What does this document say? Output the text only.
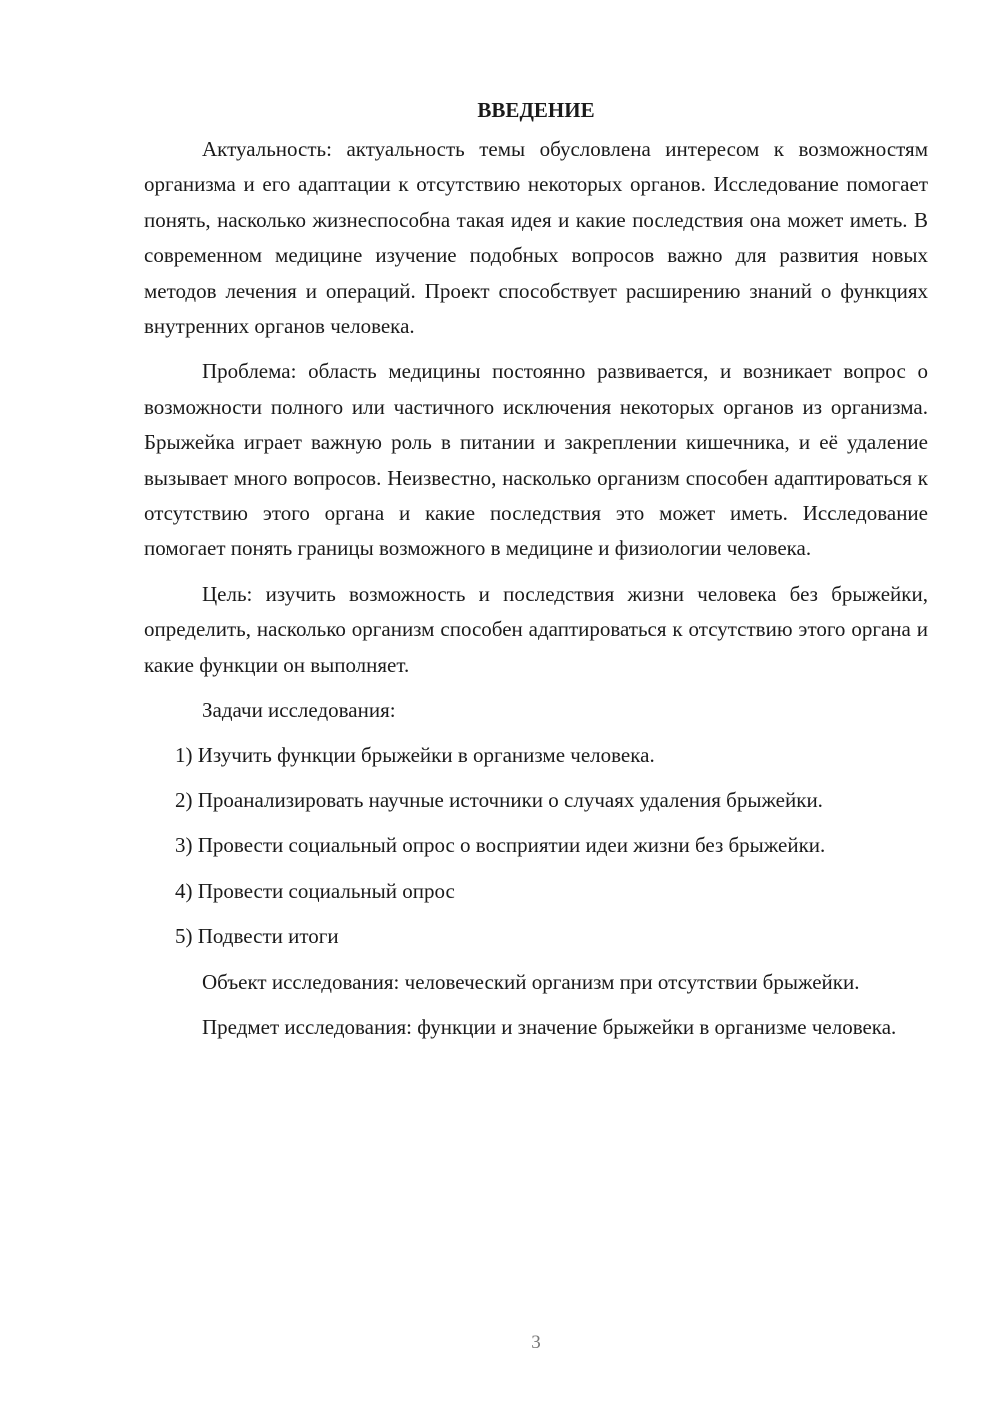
ВВЕДЕНИЕ

Актуальность: актуальность темы обусловлена интересом к возможностям организма и его адаптации к отсутствию некоторых органов. Исследование помогает понять, насколько жизнеспособна такая идея и какие последствия она может иметь. В современном медицине изучение подобных вопросов важно для развития новых методов лечения и операций. Проект способствует расширению знаний о функциях внутренних органов человека.

Проблема: область медицины постоянно развивается, и возникает вопрос о возможности полного или частичного исключения некоторых органов из организма. Брыжейка играет важную роль в питании и закреплении кишечника, и её удаление вызывает много вопросов. Неизвестно, насколько организм способен адаптироваться к отсутствию этого органа и какие последствия это может иметь. Исследование помогает понять границы возможного в медицине и физиологии человека.

Цель: изучить возможность и последствия жизни человека без брыжейки, определить, насколько организм способен адаптироваться к отсутствию этого органа и какие функции он выполняет.

Задачи исследования:

1) Изучить функции брыжейки в организме человека.

2) Проанализировать научные источники о случаях удаления брыжейки.

3) Провести социальный опрос о восприятии идеи жизни без брыжейки.

4) Провести социальный опрос

5) Подвести итоги

Объект исследования: человеческий организм при отсутствии брыжейки.

Предмет исследования: функции и значение брыжейки в организме человека.

3
